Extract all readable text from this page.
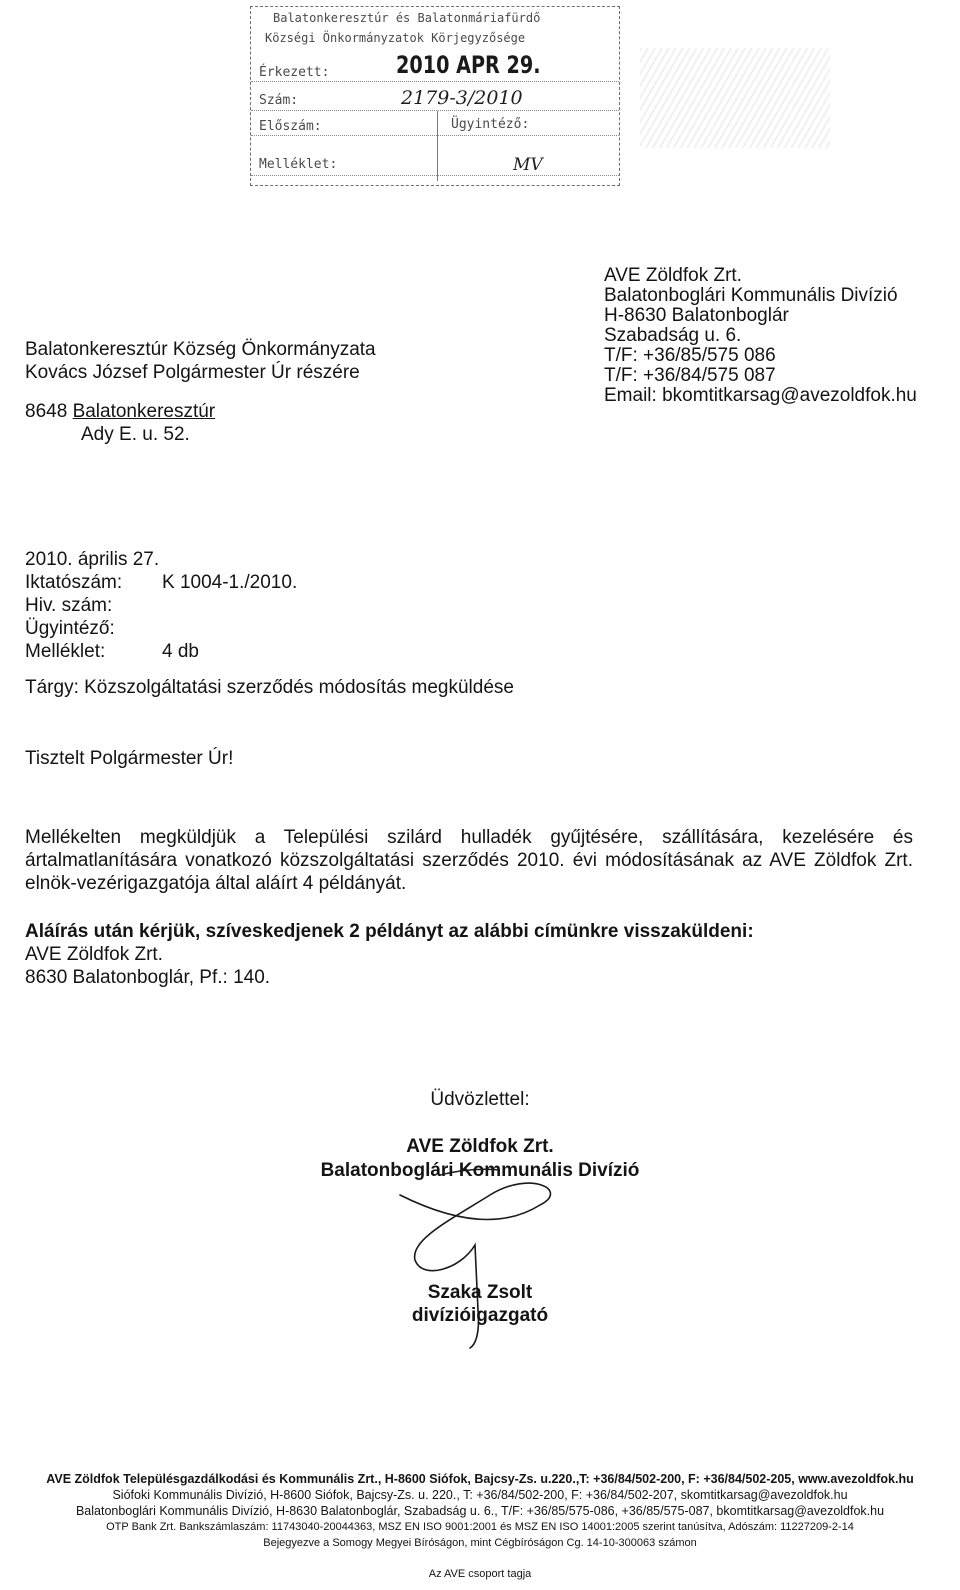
Balatonkeresztúr és Balatonmáriafürdő
Községi Önkormányzatok Körjegyzősége
Érkezett:	2010 APR 29.
Szám:	2179-3/2010
Előszám:	Ügyintéző:
Melléklet:	MV
AVE Zöldfok Zrt.
Balatonboglári Kommunális Divízió
H-8630 Balatonboglár
Szabadság u. 6.
T/F: +36/85/575 086
T/F: +36/84/575 087
Email: bkomtitkarsag@avezoldfok.hu
Balatonkeresztúr Község Önkormányzata
Kovács József Polgármester Úr részére
8648 Balatonkeresztúr
Ady E. u. 52.
2010. április 27.
Iktatószám: K 1004-1./2010.
Hiv. szám:
Ügyintéző:
Melléklet:	4 db
Tárgy: Közszolgáltatási szerződés módosítás megküldése
Tisztelt Polgármester Úr!
Mellékelten megküldjük a Települési szilárd hulladék gyűjtésére, szállítására, kezelésére és ártalmatlanítására vonatkozó közszolgáltatási szerződés 2010. évi módosításának az AVE Zöldfok Zrt. elnök-vezérigazgatója által aláírt 4 példányát.
Aláírás után kérjük, szíveskedjenek 2 példányt az alábbi címünkre visszaküldeni:
AVE Zöldfok Zrt.
8630 Balatonboglár, Pf.: 140.
Üdvözlettel:
AVE Zöldfok Zrt.
Balatonboglári Kommunális Divízió
Szaka Zsolt
divízióigazgató
AVE Zöldfok Településgazdálkodási és Kommunális Zrt., H-8600 Siófok, Bajcsy-Zs. u.220.,T: +36/84/502-200, F: +36/84/502-205, www.avezoldfok.hu
Siófoki Kommunális Divízió, H-8600 Siófok, Bajcsy-Zs. u. 220., T: +36/84/502-200, F: +36/84/502-207, skomtitkarsag@avezoldfok.hu
Balatonboglári Kommunális Divízió, H-8630 Balatonboglár, Szabadság u. 6., T/F: +36/85/575-086, +36/85/575-087, bkomtitkarsag@avezoldfok.hu
OTP Bank Zrt. Bankszámlaszám: 11743040-20044363, MSZ EN ISO 9001:2001 és MSZ EN ISO 14001:2005 szerint tanúsítva, Adószám: 11227209-2-14
Bejegyezve a Somogy Megyei Bíróságon, mint Cégbíróságon Cg. 14-10-300063 számon
Az AVE csoport tagja
